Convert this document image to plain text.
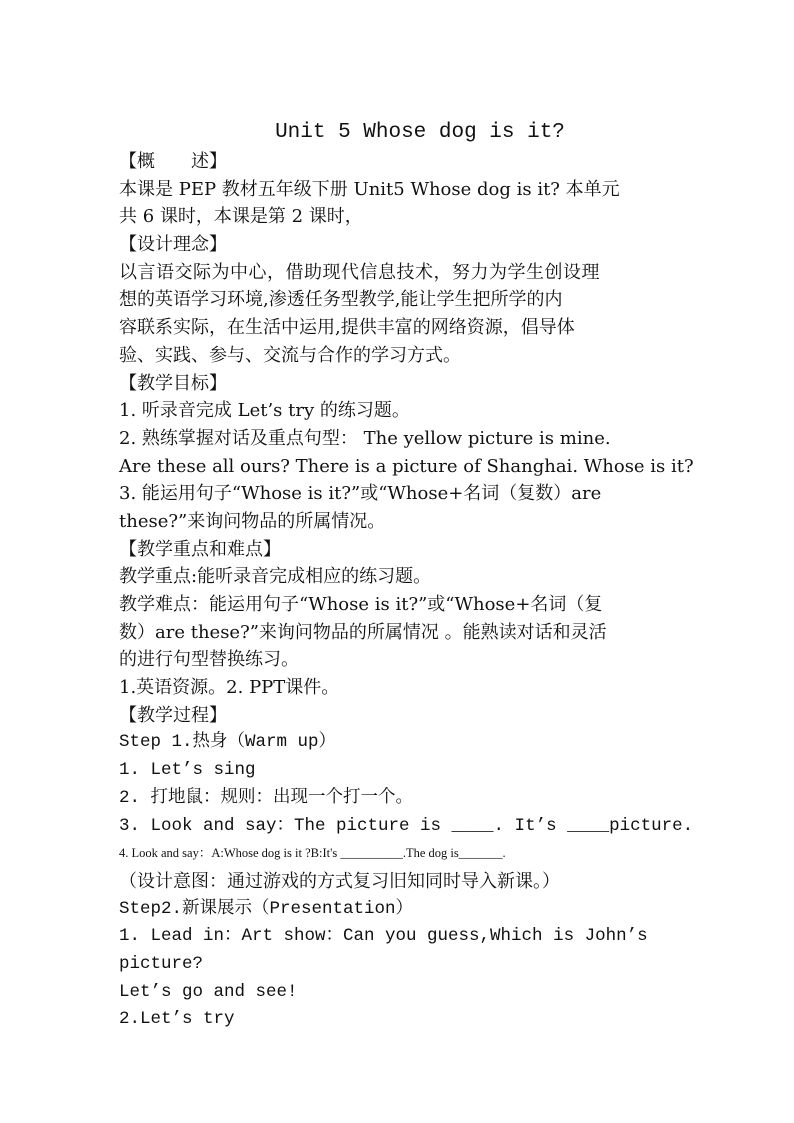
Unit 5 Whose dog is it?
【概　　述】
本课是 PEP 教材五年级下册 Unit5 Whose dog is it? 本单元
共 6 课时，本课是第 2 课时，
【设计理念】
以言语交际为中心，借助现代信息技术，努力为学生创设理
想的英语学习环境,渗透任务型教学,能让学生把所学的内
容联系实际，在生活中运用,提供丰富的网络资源，倡导体
验、实践、参与、交流与合作的学习方式。
【教学目标】
1. 听录音完成 Let’s try 的练习题。
2. 熟练掌握对话及重点句型： The yellow picture is mine.
Are these all ours? There is a picture of Shanghai. Whose is it?
3. 能运用句子“Whose is it?”或“Whose+名词（复数）are
these?”来询问物品的所属情况。
【教学重点和难点】
教学重点:能听录音完成相应的练习题。
教学难点：能运用句子“Whose is it?”或“Whose+名词（复
数）are these?”来询问物品的所属情况 。能熟读对话和灵活
的进行句型替换练习。
1.英语资源。2. PPT课件。
【教学过程】
Step 1.热身（Warm up）
1. Let’s sing
2. 打地鼠：规则：出现一个打一个。
3. Look and say：The picture is ____. It’s ____picture.
4. Look and say：A:Whose dog is it ?B:It's __________.The dog is_______.
（设计意图：通过游戏的方式复习旧知同时导入新课。）
Step2.新课展示（Presentation）
1. Lead in：Art show：Can you guess,Which is John’s
picture?
Let’s go and see!
2.Let’s try
